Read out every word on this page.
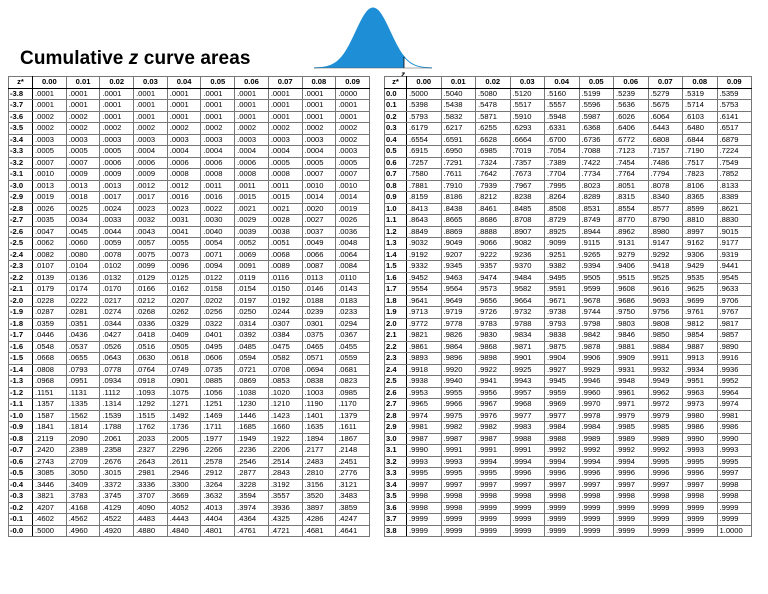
Cumulative z curve areas
z
z*	0.00	0.01	0.02	0.03	0.04	0.05	0.06	0.07	0.08	0.09
-3.8	.0001	.0001	.0001	.0001	.0001	.0001	.0001	.0001	.0001	.0000
-3.7	.0001	.0001	.0001	.0001	.0001	.0001	.0001	.0001	.0001	.0001
-3.6	.0002	.0002	.0001	.0001	.0001	.0001	.0001	.0001	.0001	.0001
-3.5	.0002	.0002	.0002	.0002	.0002	.0002	.0002	.0002	.0002	.0002
-3.4	.0003	.0003	.0003	.0003	.0003	.0003	.0003	.0003	.0003	.0002
-3.3	.0005	.0005	.0005	.0004	.0004	.0004	.0004	.0004	.0004	.0003
-3.2	.0007	.0007	.0006	.0006	.0006	.0006	.0006	.0005	.0005	.0005
-3.1	.0010	.0009	.0009	.0009	.0008	.0008	.0008	.0008	.0007	.0007
-3.0	.0013	.0013	.0013	.0012	.0012	.0011	.0011	.0011	.0010	.0010
-2.9	.0019	.0018	.0017	.0017	.0016	.0016	.0015	.0015	.0014	.0014
-2.8	.0026	.0025	.0024	.0023	.0023	.0022	.0021	.0021	.0020	.0019
-2.7	.0035	.0034	.0033	.0032	.0031	.0030	.0029	.0028	.0027	.0026
-2.6	.0047	.0045	.0044	.0043	.0041	.0040	.0039	.0038	.0037	.0036
-2.5	.0062	.0060	.0059	.0057	.0055	.0054	.0052	.0051	.0049	.0048
-2.4	.0082	.0080	.0078	.0075	.0073	.0071	.0069	.0068	.0066	.0064
-2.3	.0107	.0104	.0102	.0099	.0096	.0094	.0091	.0089	.0087	.0084
-2.2	.0139	.0136	.0132	.0129	.0125	.0122	.0119	.0116	.0113	.0110
-2.1	.0179	.0174	.0170	.0166	.0162	.0158	.0154	.0150	.0146	.0143
-2.0	.0228	.0222	.0217	.0212	.0207	.0202	.0197	.0192	.0188	.0183
-1.9	.0287	.0281	.0274	.0268	.0262	.0256	.0250	.0244	.0239	.0233
-1.8	.0359	.0351	.0344	.0336	.0329	.0322	.0314	.0307	.0301	.0294
-1.7	.0446	.0436	.0427	.0418	.0409	.0401	.0392	.0384	.0375	.0367
-1.6	.0548	.0537	.0526	.0516	.0505	.0495	.0485	.0475	.0465	.0455
-1.5	.0668	.0655	.0643	.0630	.0618	.0606	.0594	.0582	.0571	.0559
-1.4	.0808	.0793	.0778	.0764	.0749	.0735	.0721	.0708	.0694	.0681
-1.3	.0968	.0951	.0934	.0918	.0901	.0885	.0869	.0853	.0838	.0823
-1.2	.1151	.1131	.1112	.1093	.1075	.1056	.1038	.1020	.1003	.0985
-1.1	.1357	.1335	.1314	.1292	.1271	.1251	.1230	.1210	.1190	.1170
-1.0	.1587	.1562	.1539	.1515	.1492	.1469	.1446	.1423	.1401	.1379
-0.9	.1841	.1814	.1788	.1762	.1736	.1711	.1685	.1660	.1635	.1611
-0.8	.2119	.2090	.2061	.2033	.2005	.1977	.1949	.1922	.1894	.1867
-0.7	.2420	.2389	.2358	.2327	.2296	.2266	.2236	.2206	.2177	.2148
-0.6	.2743	.2709	.2676	.2643	.2611	.2578	.2546	.2514	.2483	.2451
-0.5	.3085	.3050	.3015	.2981	.2946	.2912	.2877	.2843	.2810	.2776
-0.4	.3446	.3409	.3372	.3336	.3300	.3264	.3228	.3192	.3156	.3121
-0.3	.3821	.3783	.3745	.3707	.3669	.3632	.3594	.3557	.3520	.3483
-0.2	.4207	.4168	.4129	.4090	.4052	.4013	.3974	.3936	.3897	.3859
-0.1	.4602	.4562	.4522	.4483	.4443	.4404	.4364	.4325	.4286	.4247
-0.0	.5000	.4960	.4920	.4880	.4840	.4801	.4761	.4721	.4681	.4641
z*	0.00	0.01	0.02	0.03	0.04	0.05	0.06	0.07	0.08	0.09
0.0	.5000	.5040	.5080	.5120	.5160	.5199	.5239	.5279	.5319	.5359
0.1	.5398	.5438	.5478	.5517	.5557	.5596	.5636	.5675	.5714	.5753
0.2	.5793	.5832	.5871	.5910	.5948	.5987	.6026	.6064	.6103	.6141
0.3	.6179	.6217	.6255	.6293	.6331	.6368	.6406	.6443	.6480	.6517
0.4	.6554	.6591	.6628	.6664	.6700	.6736	.6772	.6808	.6844	.6879
0.5	.6915	.6950	.6985	.7019	.7054	.7088	.7123	.7157	.7190	.7224
0.6	.7257	.7291	.7324	.7357	.7389	.7422	.7454	.7486	.7517	.7549
0.7	.7580	.7611	.7642	.7673	.7704	.7734	.7764	.7794	.7823	.7852
0.8	.7881	.7910	.7939	.7967	.7995	.8023	.8051	.8078	.8106	.8133
0.9	.8159	.8186	.8212	.8238	.8264	.8289	.8315	.8340	.8365	.8389
1.0	.8413	.8438	.8461	.8485	.8508	.8531	.8554	.8577	.8599	.8621
1.1	.8643	.8665	.8686	.8708	.8729	.8749	.8770	.8790	.8810	.8830
1.2	.8849	.8869	.8888	.8907	.8925	.8944	.8962	.8980	.8997	.9015
1.3	.9032	.9049	.9066	.9082	.9099	.9115	.9131	.9147	.9162	.9177
1.4	.9192	.9207	.9222	.9236	.9251	.9265	.9279	.9292	.9306	.9319
1.5	.9332	.9345	.9357	.9370	.9382	.9394	.9406	.9418	.9429	.9441
1.6	.9452	.9463	.9474	.9484	.9495	.9505	.9515	.9525	.9535	.9545
1.7	.9554	.9564	.9573	.9582	.9591	.9599	.9608	.9616	.9625	.9633
1.8	.9641	.9649	.9656	.9664	.9671	.9678	.9686	.9693	.9699	.9706
1.9	.9713	.9719	.9726	.9732	.9738	.9744	.9750	.9756	.9761	.9767
2.0	.9772	.9778	.9783	.9788	.9793	.9798	.9803	.9808	.9812	.9817
2.1	.9821	.9826	.9830	.9834	.9838	.9842	.9846	.9850	.9854	.9857
2.2	.9861	.9864	.9868	.9871	.9875	.9878	.9881	.9884	.9887	.9890
2.3	.9893	.9896	.9898	.9901	.9904	.9906	.9909	.9911	.9913	.9916
2.4	.9918	.9920	.9922	.9925	.9927	.9929	.9931	.9932	.9934	.9936
2.5	.9938	.9940	.9941	.9943	.9945	.9946	.9948	.9949	.9951	.9952
2.6	.9953	.9955	.9956	.9957	.9959	.9960	.9961	.9962	.9963	.9964
2.7	.9965	.9966	.9967	.9968	.9969	.9970	.9971	.9972	.9973	.9974
2.8	.9974	.9975	.9976	.9977	.9977	.9978	.9979	.9979	.9980	.9981
2.9	.9981	.9982	.9982	.9983	.9984	.9984	.9985	.9985	.9986	.9986
3.0	.9987	.9987	.9987	.9988	.9988	.9989	.9989	.9989	.9990	.9990
3.1	.9990	.9991	.9991	.9991	.9992	.9992	.9992	.9992	.9993	.9993
3.2	.9993	.9993	.9994	.9994	.9994	.9994	.9994	.9995	.9995	.9995
3.3	.9995	.9995	.9995	.9996	.9996	.9996	.9996	.9996	.9996	.9997
3.4	.9997	.9997	.9997	.9997	.9997	.9997	.9997	.9997	.9997	.9998
3.5	.9998	.9998	.9998	.9998	.9998	.9998	.9998	.9998	.9998	.9998
3.6	.9998	.9998	.9999	.9999	.9999	.9999	.9999	.9999	.9999	.9999
3.7	.9999	.9999	.9999	.9999	.9999	.9999	.9999	.9999	.9999	.9999
3.8	.9999	.9999	.9999	.9999	.9999	.9999	.9999	.9999	.9999	1.0000
